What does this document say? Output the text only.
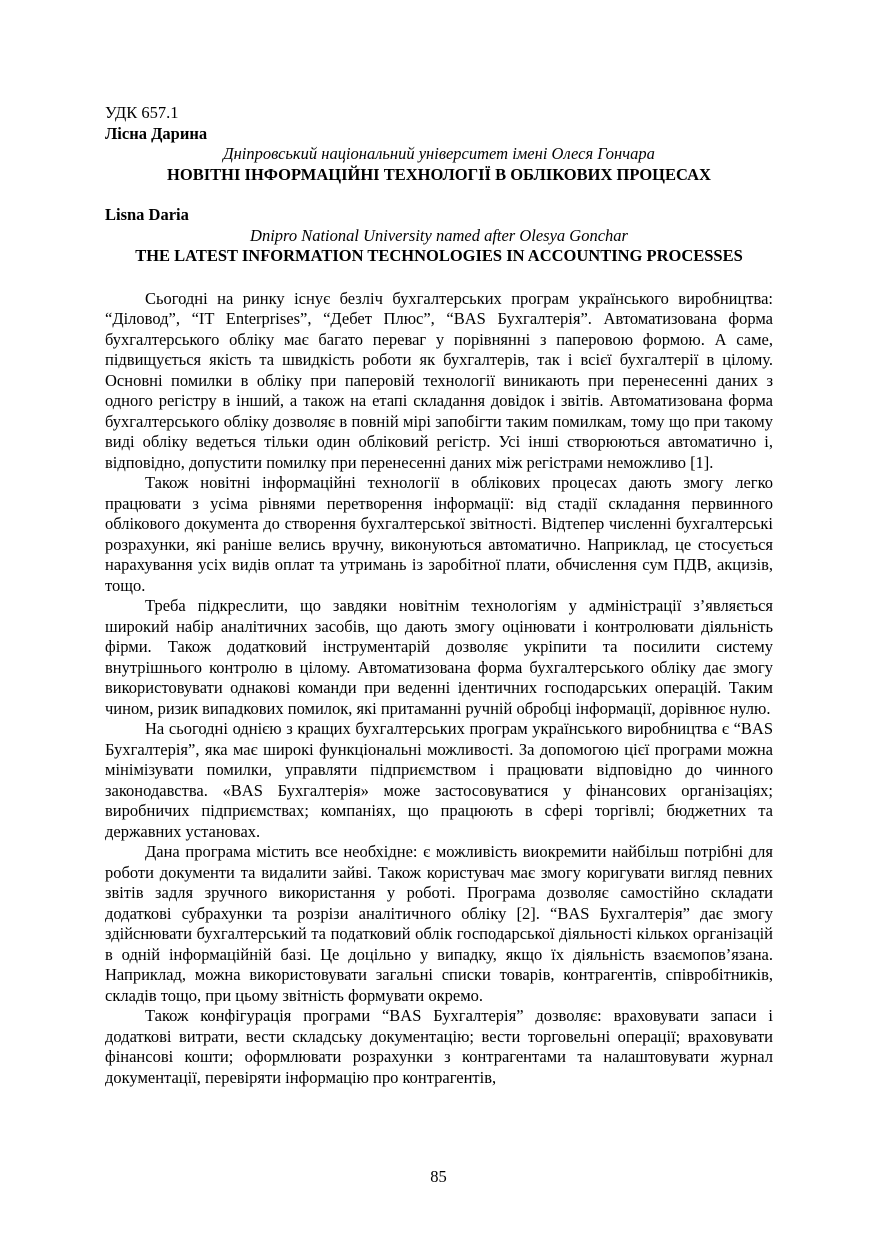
УДК 657.1

Лісна Дарина

Дніпровський національний університет імені Олеся Гончара

НОВІТНІ ІНФОРМАЦІЙНІ ТЕХНОЛОГІЇ В ОБЛІКОВИХ ПРОЦЕСАХ

Lisna Daria

Dnipro National University named after Olesya Gonchar

THE LATEST INFORMATION TECHNOLOGIES IN ACCOUNTING PROCESSES

Сьогодні на ринку існує безліч бухгалтерських програм українського виробництва: “Діловод”, “IT Enterprises”, “Дебет Плюс”, “BAS Бухгалтерія”. Автоматизована форма бухгалтерського обліку має багато переваг у порівнянні з паперовою формою. А саме, підвищується якість та швидкість роботи як бухгалтерів, так і всієї бухгалтерії в цілому. Основні помилки в обліку при паперовій технології виникають при перенесенні даних з одного регістру в інший, а також на етапі складання довідок і звітів. Автоматизована форма бухгалтерського обліку дозволяє в повній мірі запобігти таким помилкам, тому що при такому виді обліку ведеться тільки один обліковий регістр. Усі інші створюються автоматично і, відповідно, допустити помилку при перенесенні даних між регістрами неможливо [1].

Також новітні інформаційні технології в облікових процесах дають змогу легко працювати з усіма рівнями перетворення інформації: від стадії складання первинного облікового документа до створення бухгалтерської звітності. Відтепер численні бухгалтерські розрахунки, які раніше велись вручну, виконуються автоматично. Наприклад, це стосується нарахування усіх видів оплат та утримань із заробітної плати, обчислення сум ПДВ, акцизів, тощо.

Треба підкреслити, що завдяки новітнім технологіям у адміністрації з’являється широкий набір аналітичних засобів, що дають змогу оцінювати і контролювати діяльність фірми. Також додатковий інструментарій дозволяє укріпити та посилити систему внутрішнього контролю в цілому. Автоматизована форма бухгалтерського обліку дає змогу використовувати однакові команди при веденні ідентичних господарських операцій. Таким чином, ризик випадкових помилок, які притаманні ручній обробці інформації, дорівнює нулю.

На сьогодні однією з кращих бухгалтерських програм українського виробництва є “BAS Бухгалтерія”, яка має широкі функціональні можливості. За допомогою цієї програми можна мінімізувати помилки, управляти підприємством і працювати відповідно до чинного законодавства. «BAS Бухгалтерія» може застосовуватися у фінансових організаціях; виробничих підприємствах; компаніях, що працюють в сфері торгівлі; бюджетних та державних установах.

Дана програма містить все необхідне: є можливість виокремити найбільш потрібні для роботи документи та видалити зайві. Також користувач має змогу коригувати вигляд певних звітів задля зручного використання у роботі. Програма дозволяє самостійно складати додаткові субрахунки та розрізи аналітичного обліку [2]. “BAS Бухгалтерія” дає змогу здійснювати бухгалтерський та податковий облік господарської діяльності кількох організацій в одній інформаційній базі. Це доцільно у випадку, якщо їх діяльність взаємопов’язана. Наприклад, можна використовувати загальні списки товарів, контрагентів, співробітників, складів тощо, при цьому звітність формувати окремо.

Також конфігурація програми “BAS Бухгалтерія” дозволяє: враховувати запаси і додаткові витрати, вести складську документацію; вести торговельні операції; враховувати фінансові кошти; оформлювати розрахунки з контрагентами та налаштовувати журнал документації, перевіряти інформацію про контрагентів,

85
